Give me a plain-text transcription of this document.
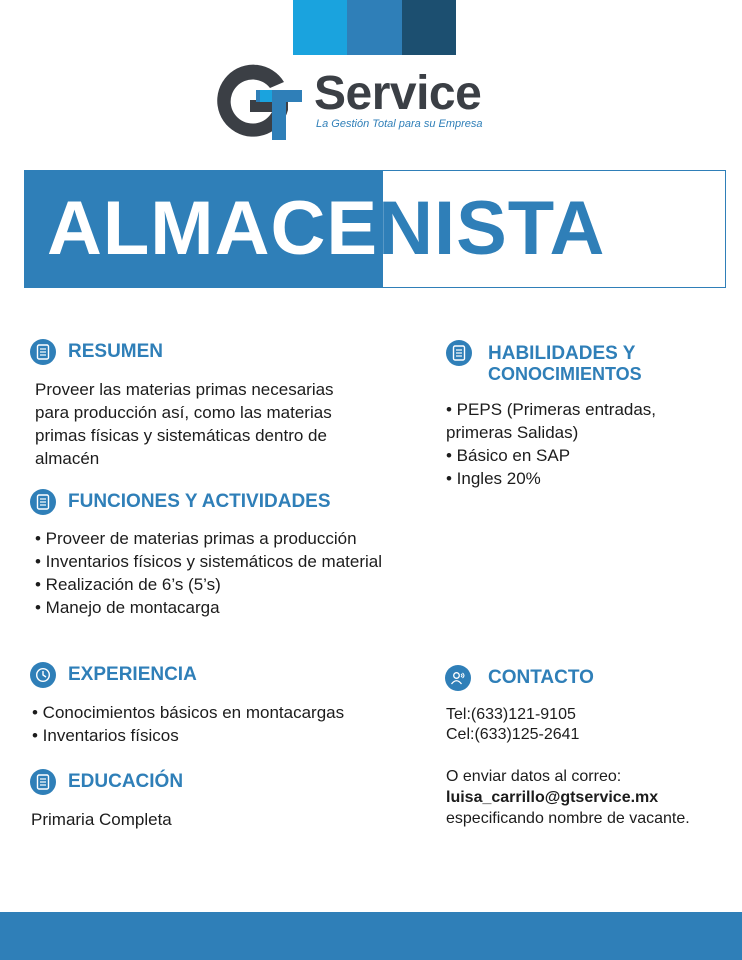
Service
La Gestión Total para su Empresa
ALMACENISTA
RESUMEN

Proveer las materias primas necesarias

para producción así, como las materias

primas físicas y sistemáticas dentro de

almacén

FUNCIONES Y ACTIVIDADES

• Proveer de materias primas a producción

• Inventarios físicos y sistemáticos de material

• Realización de 6’s (5’s)

• Manejo de montacarga

EXPERIENCIA

• Conocimientos básicos en montacargas

• Inventarios físicos

EDUCACIÓN

Primaria Completa

HABILIDADES Y
CONOCIMIENTOS

• PEPS (Primeras entradas,

primeras Salidas)

• Básico en SAP

• Ingles 20%

CONTACTO

Tel:(633)121-9105

Cel:(633)125-2641

O enviar datos al correo:

luisa_carrillo@gtservice.mx

especificando nombre de vacante.
